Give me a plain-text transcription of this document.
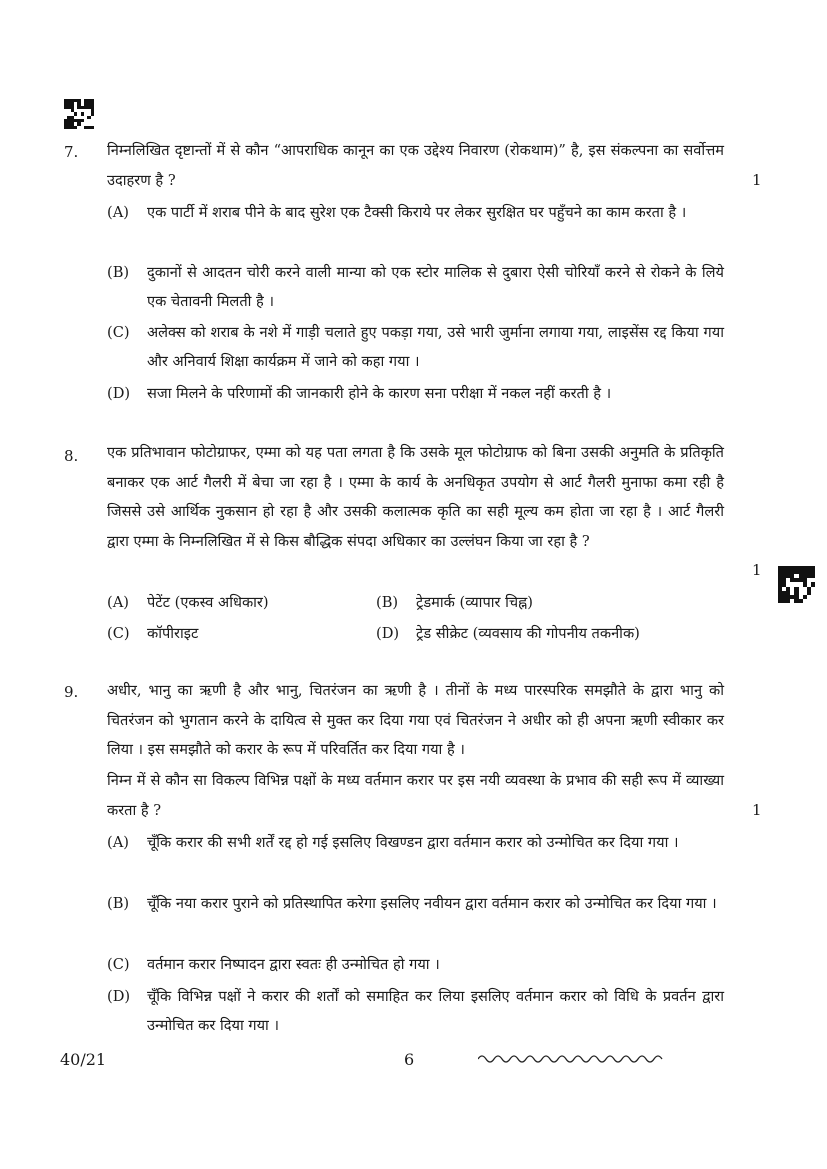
7. निम्नलिखित दृष्टान्तों में से कौन “आपराधिक कानून का एक उद्देश्य निवारण (रोकथाम)” है, इस संकल्पना का सर्वोत्तम उदाहरण है ?	1
(A) एक पार्टी में शराब पीने के बाद सुरेश एक टैक्सी किराये पर लेकर सुरक्षित घर पहुँचने का काम करता है ।
(B) दुकानों से आदतन चोरी करने वाली मान्या को एक स्टोर मालिक से दुबारा ऐसी चोरियाँ करने से रोकने के लिये एक चेतावनी मिलती है ।
(C) अलेक्स को शराब के नशे में गाड़ी चलाते हुए पकड़ा गया, उसे भारी जुर्माना लगाया गया, लाइसेंस रद्द किया गया और अनिवार्य शिक्षा कार्यक्रम में जाने को कहा गया ।
(D) सजा मिलने के परिणामों की जानकारी होने के कारण सना परीक्षा में नकल नहीं करती है ।
8. एक प्रतिभावान फोटोग्राफर, एम्मा को यह पता लगता है कि उसके मूल फोटोग्राफ को बिना उसकी अनुमति के प्रतिकृति बनाकर एक आर्ट गैलरी में बेचा जा रहा है । एम्मा के कार्य के अनधिकृत उपयोग से आर्ट गैलरी मुनाफा कमा रही है जिससे उसे आर्थिक नुकसान हो रहा है और उसकी कलात्मक कृति का सही मूल्य कम होता जा रहा है । आर्ट गैलरी द्वारा एम्मा के निम्नलिखित में से किस बौद्धिक संपदा अधिकार का उल्लंघन किया जा रहा है ?

1
(A) पेटेंट (एकस्व अधिकार)	(B) ट्रेडमार्क (व्यापार चिह्न)
(C) कॉपीराइट	(D) ट्रेड सीक्रेट (व्यवसाय की गोपनीय तकनीक)
9. अधीर, भानु का ऋणी है और भानु, चितरंजन का ऋणी है । तीनों के मध्य पारस्परिक समझौते के द्वारा भानु को चितरंजन को भुगतान करने के दायित्व से मुक्त कर दिया गया एवं चितरंजन ने अधीर को ही अपना ऋणी स्वीकार कर लिया । इस समझौते को करार के रूप में परिवर्तित कर दिया गया है ।

निम्न में से कौन सा विकल्प विभिन्न पक्षों के मध्य वर्तमान करार पर इस नयी व्यवस्था के प्रभाव की सही रूप में व्याख्या करता है ?	1
(A) चूँकि करार की सभी शर्तें रद्द हो गई इसलिए विखण्डन द्वारा वर्तमान करार को उन्मोचित कर दिया गया ।
(B) चूँकि नया करार पुराने को प्रतिस्थापित करेगा इसलिए नवीयन द्वारा वर्तमान करार को उन्मोचित कर दिया गया ।
(C) वर्तमान करार निष्पादन द्वारा स्वतः ही उन्मोचित हो गया ।
(D) चूँकि विभिन्न पक्षों ने करार की शर्तों को समाहित कर लिया इसलिए वर्तमान करार को विधि के प्रवर्तन द्वारा उन्मोचित कर दिया गया ।
40/21	6
